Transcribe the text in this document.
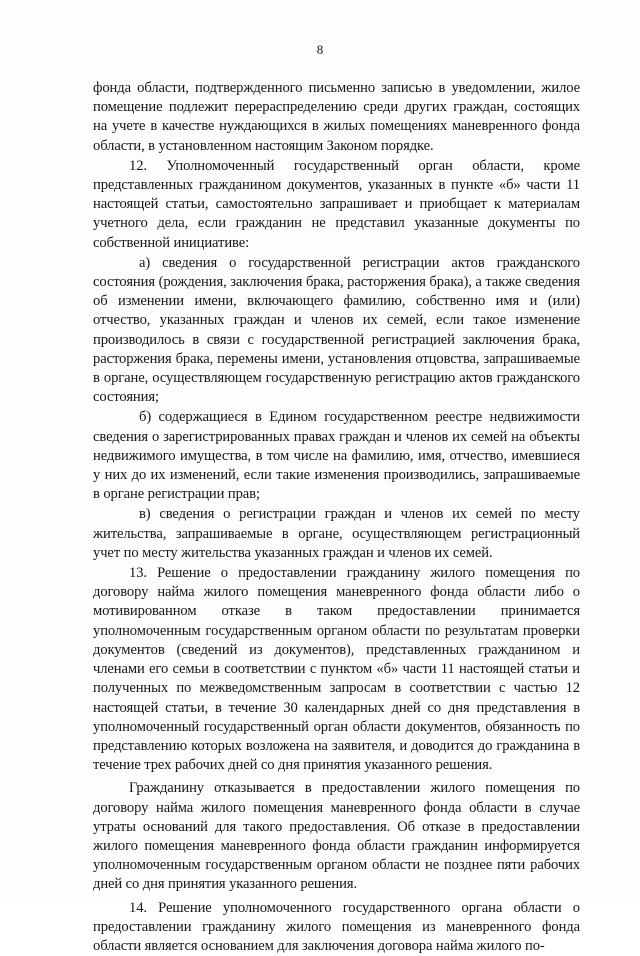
8

фонда области, подтвержденного письменно записью в уведомлении, жилое помещение подлежит перераспределению среди других граждан, состоящих на учете в качестве нуждающихся в жилых помещениях маневренного фонда области, в установленном настоящим Законом порядке.

12. Уполномоченный государственный орган области, кроме представленных гражданином документов, указанных в пункте «б» части 11 настоящей статьи, самостоятельно запрашивает и приобщает к материалам учетного дела, если гражданин не представил указанные документы по собственной инициативе:

а) сведения о государственной регистрации актов гражданского состояния (рождения, заключения брака, расторжения брака), а также сведения об изменении имени, включающего фамилию, собственно имя и (или) отчество, указанных граждан и членов их семей, если такое изменение производилось в связи с государственной регистрацией заключения брака, расторжения брака, перемены имени, установления отцовства, запрашиваемые в органе, осуществляющем государственную регистрацию актов гражданского состояния;

б) содержащиеся в Едином государственном реестре недвижимости сведения о зарегистрированных правах граждан и членов их семей на объекты недвижимого имущества, в том числе на фамилию, имя, отчество, имевшиеся у них до их изменений, если такие изменения производились, запрашиваемые в органе регистрации прав;

в) сведения о регистрации граждан и членов их семей по месту жительства, запрашиваемые в органе, осуществляющем регистрационный учет по месту жительства указанных граждан и членов их семей.

13. Решение о предоставлении гражданину жилого помещения по договору найма жилого помещения маневренного фонда области либо о мотивированном отказе в таком предоставлении принимается уполномоченным государственным органом области по результатам проверки документов (сведений из документов), представленных гражданином и членами его семьи в соответствии с пунктом «б» части 11 настоящей статьи и полученных по межведомственным запросам в соответствии с частью 12 настоящей статьи, в течение 30 календарных дней со дня представления в уполномоченный государственный орган области документов, обязанность по представлению которых возложена на заявителя, и доводится до гражданина в течение трех рабочих дней со дня принятия указанного решения.

Гражданину отказывается в предоставлении жилого помещения по договору найма жилого помещения маневренного фонда области в случае утраты оснований для такого предоставления. Об отказе в предоставлении жилого помещения маневренного фонда области гражданин информируется уполномоченным государственным органом области не позднее пяти рабочих дней со дня принятия указанного решения.

14. Решение уполномоченного государственного органа области о предоставлении гражданину жилого помещения из маневренного фонда области является основанием для заключения договора найма жилого по-
